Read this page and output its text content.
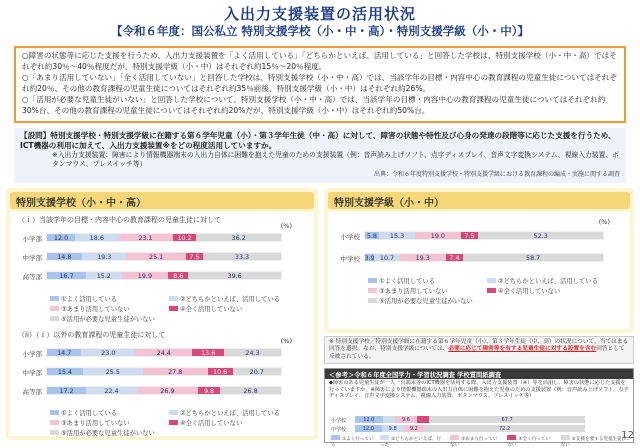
入出力支援装置の活用状況
【令和６年度：国公私立 特別支援学校（小・中・高）・特別支援学級（小・中）】

○障害の状態等に応じた支援を行うため、入出力支援装置を「よく活用している」「どちらかといえば、活用している」と回答した学校は、特別支援学校（小・中・高）ではそれぞれ約30％〜40％程度だが、特別支援学級（小・中）はそれぞれ約15％〜20％程度。

○「あまり活用していない」「全く活用していない」と回答した学校は、特別支援学校（小・中・高）では、当該学年の目標・内容中心の教育課程の児童生徒についてはそれぞれ約20％、その他の教育課程の児童生徒についてはそれぞれ約35％前後、特別支援学級（小・中）はそれぞれ約26%。

○「活用が必要な児童生徒がいない」と回答した学校について、特別支援学校（小・中・高）では、当該学年の目標・内容中心の教育課程の児童生徒についてはそれぞれ約30%台、その他の教育課程の児童生徒についてはそれぞれ約20%だが、特別支援学級（小・中）はそれぞれ約50%台。

【設問】特別支援学校・特別支援学級に在籍する第６学年児童（小）・第３学年生徒（中・高）に対して、障害の状態や特性及び心身の発達の段階等に応じた支援を行うため、ICT機器の利用に加えて、入出力支援装置※をどの程度活用していますか。
※入出力支援装置：障害により情報機器端末の入出力自体に困難を抱えた児童のための支援装置（例：音声読み上げソフト、点字ディスプレイ、音声文字変換システム、視線入力装置、ボタンマウス、プレスイッチ等）
出典：令和６年度特別支援学校・特別支援学級における教育課程の編成・実施に関する調査
特別支援学校（小・中・高）
（ｉ）当該学年の目標・内容中心の教育課程の児童生徒に対して
(%)
小学部	12.0	18.6	23.1	10.2	36.2
中学部	14.8	19.3	25.1	7.5	33.3
高等部	16.7	15.2	19.9	8.6	39.6
①よく活用している	②どちらかといえば、活用している
③あまり活用していない	④全く活用していない
⑤活用が必要な児童生徒がいない
（ii）（ｉ）以外の教育課程の児童生徒に対して
(%)
小学部	14.7	23.0	24.4	13.6	24.3
中学部	15.4	25.5	27.8	10.6	20.7
高等部	17.2	22.4	26.9	9.8	26.8
①よく活用している	②どちらかといえば、活用している
③あまり活用していない	④全く活用していない
⑤活用が必要な児童生徒がいない
特別支援学級（小・中）
(%)
小学校 5.8	15.3	19.0	7.5	52.3
中学校 3.9 10.7	19.3	7.4	58.7
①よく活用している	②どちらかといえば、活用している
③あまり活用していない	④全く活用していない
⑤活用が必要な児童生徒がいない
※ 特別支援学校／特別支援学級に在籍する第６学年児童（小）、第３学年生徒（中、高）の状況について、当てはまる回答を選択。なお、特別支援学級については、必要に応じて障害等を有する児童生徒に対する設置を含む回答として反映されている。
＜参考＞令和６年度全国学力・学習状況調査 学校質問紙調査
◆障害のある児童生徒が一人一台端末等のICT機器を活用する際、入出力支援装置（※）等を活用し、障害の状態に応じた支援を行っていますか。※障害により情報機器端末の入出力自体に困難を抱えた児童のための支援装置（例：音声読み上げソフト、点字ディスプレイ、音声文字変換システム、視線入力装置、ボタンマウス、プレスイッチ等）
小学校	12.0	9.6	67.7
中学校	12.0	9.8	9.2	72.2
①よく行っている
②どちらかといえば、行った
③あまり行っていない
④全く行っていない
⑤支援を要する児童生徒がいない
12
